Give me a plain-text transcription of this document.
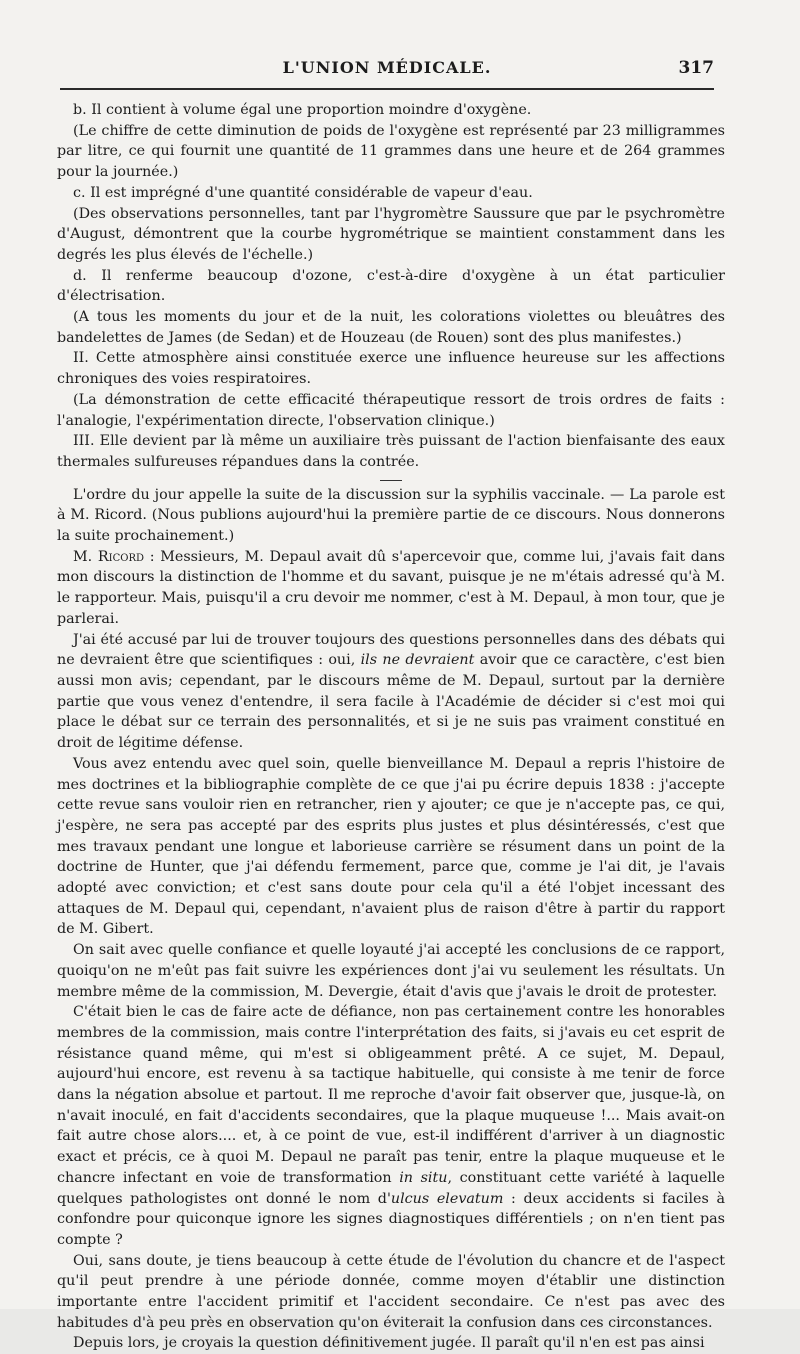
L'UNION MÉDICALE.	317

b. Il contient à volume égal une proportion moindre d'oxygène.

(Le chiffre de cette diminution de poids de l'oxygène est représenté par 23 milligrammes par litre, ce qui fournit une quantité de 11 grammes dans une heure et de 264 grammes pour la journée.)

c. Il est imprégné d'une quantité considérable de vapeur d'eau.

(Des observations personnelles, tant par l'hygromètre Saussure que par le psychromètre d'August, démontrent que la courbe hygrométrique se maintient constamment dans les degrés les plus élevés de l'échelle.)

d. Il renferme beaucoup d'ozone, c'est-à-dire d'oxygène à un état particulier d'électrisation.

(A tous les moments du jour et de la nuit, les colorations violettes ou bleuâtres des bandelettes de James (de Sedan) et de Houzeau (de Rouen) sont des plus manifestes.)

II. Cette atmosphère ainsi constituée exerce une influence heureuse sur les affections chroniques des voies respiratoires.

(La démonstration de cette efficacité thérapeutique ressort de trois ordres de faits : l'analogie, l'expérimentation directe, l'observation clinique.)

III. Elle devient par là même un auxiliaire très puissant de l'action bienfaisante des eaux thermales sulfureuses répandues dans la contrée.

L'ordre du jour appelle la suite de la discussion sur la syphilis vaccinale. — La parole est à M. Ricord. (Nous publions aujourd'hui la première partie de ce discours. Nous donnerons la suite prochainement.)

M. Ricord : Messieurs, M. Depaul avait dû s'apercevoir que, comme lui, j'avais fait dans mon discours la distinction de l'homme et du savant, puisque je ne m'étais adressé qu'à M. le rapporteur. Mais, puisqu'il a cru devoir me nommer, c'est à M. Depaul, à mon tour, que je parlerai.

J'ai été accusé par lui de trouver toujours des questions personnelles dans des débats qui ne devraient être que scientifiques : oui, ils ne devraient avoir que ce caractère, c'est bien aussi mon avis; cependant, par le discours même de M. Depaul, surtout par la dernière partie que vous venez d'entendre, il sera facile à l'Académie de décider si c'est moi qui place le débat sur ce terrain des personnalités, et si je ne suis pas vraiment constitué en droit de légitime défense.

Vous avez entendu avec quel soin, quelle bienveillance M. Depaul a repris l'histoire de mes doctrines et la bibliographie complète de ce que j'ai pu écrire depuis 1838 : j'accepte cette revue sans vouloir rien en retrancher, rien y ajouter; ce que je n'accepte pas, ce qui, j'espère, ne sera pas accepté par des esprits plus justes et plus désintéressés, c'est que mes travaux pendant une longue et laborieuse carrière se résument dans un point de la doctrine de Hunter, que j'ai défendu fermement, parce que, comme je l'ai dit, je l'avais adopté avec conviction; et c'est sans doute pour cela qu'il a été l'objet incessant des attaques de M. Depaul qui, cependant, n'avaient plus de raison d'être à partir du rapport de M. Gibert.

On sait avec quelle confiance et quelle loyauté j'ai accepté les conclusions de ce rapport, quoiqu'on ne m'eût pas fait suivre les expériences dont j'ai vu seulement les résultats. Un membre même de la commission, M. Devergie, était d'avis que j'avais le droit de protester.

C'était bien le cas de faire acte de défiance, non pas certainement contre les honorables membres de la commission, mais contre l'interprétation des faits, si j'avais eu cet esprit de résistance quand même, qui m'est si obligeamment prêté. A ce sujet, M. Depaul, aujourd'hui encore, est revenu à sa tactique habituelle, qui consiste à me tenir de force dans la négation absolue et partout. Il me reproche d'avoir fait observer que, jusque-là, on n'avait inoculé, en fait d'accidents secondaires, que la plaque muqueuse !... Mais avait-on fait autre chose alors.... et, à ce point de vue, est-il indifférent d'arriver à un diagnostic exact et précis, ce à quoi M. Depaul ne paraît pas tenir, entre la plaque muqueuse et le chancre infectant en voie de transformation in situ, constituant cette variété à laquelle quelques pathologistes ont donné le nom d'ulcus elevatum : deux accidents si faciles à confondre pour quiconque ignore les signes diagnostiques différentiels ; on n'en tient pas compte ?

Oui, sans doute, je tiens beaucoup à cette étude de l'évolution du chancre et de l'aspect qu'il peut prendre à une période donnée, comme moyen d'établir une distinction importante entre l'accident primitif et l'accident secondaire. Ce n'est pas avec des habitudes d'à peu près en observation qu'on éviterait la confusion dans ces circonstances.

Depuis lors, je croyais la question définitivement jugée. Il paraît qu'il n'en est pas ainsi
